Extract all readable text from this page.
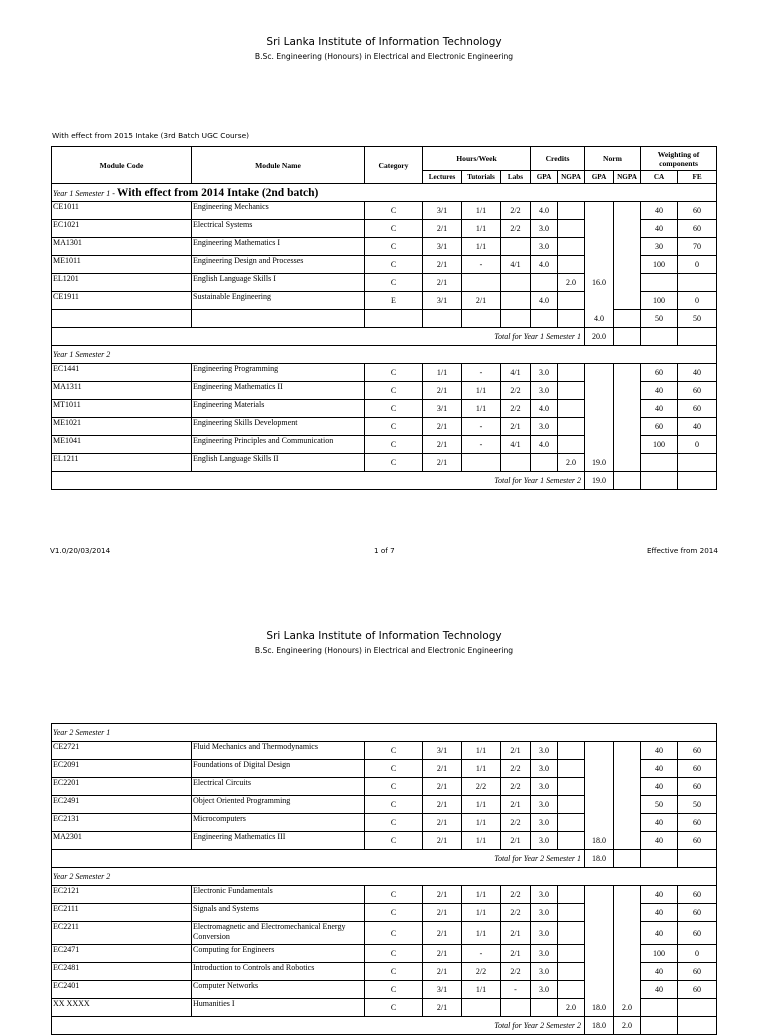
Sri Lanka Institute of Information Technology
B.Sc. Engineering (Honours) in Electrical and Electronic Engineering
With effect from 2015 Intake (3rd Batch UGC Course)
Module Code	Module Name	Category	Hours/Week			Credits		Norm		Weighting of components	
			Lectures	Tutorials	Labs	GPA	NGPA	GPA	NGPA	CA	FE
Year 1 Semester 1 - With effect from 2014 Intake (2nd batch)											
CE1011	Engineering Mechanics	C	3/1	1/1	2/2	4.0				40	60
EC1021	Electrical Systems	C	2/1	1/1	2/2	3.0				40	60
MA1301	Engineering Mathematics I	C	3/1	1/1		3.0				30	70
ME1011	Engineering Design and Processes	C	2/1	-	4/1	4.0				100	0
EL1201	English Language Skills I	C	2/1				2.0	16.0			
CE1911	Sustainable Engineering	E	3/1	2/1		4.0				100	0
								4.0		50	50
Total for Year 1 Semester 1								20.0			
Year 1 Semester 2											
EC1441	Engineering Programming	C	1/1	-	4/1	3.0				60	40
MA1311	Engineering Mathematics II	C	2/1	1/1	2/2	3.0				40	60
MT1011	Engineering Materials	C	3/1	1/1	2/2	4.0				40	60
ME1021	Engineering Skills Development	C	2/1	-	2/1	3.0				60	40
ME1041	Engineering Principles and Communication	C	2/1	-	4/1	4.0				100	0
EL1211	English Language Skills II	C	2/1				2.0	19.0			
Total for Year 1 Semester 2								19.0			
V1.0/20/03/2014	1 of 7	Effective from 2014
Sri Lanka Institute of Information Technology
B.Sc. Engineering (Honours) in Electrical and Electronic Engineering
Year 2 Semester 1											
CE2721	Fluid Mechanics and Thermodynamics	C	3/1	1/1	2/1	3.0				40	60
EC2091	Foundations of Digital Design	C	2/1	1/1	2/2	3.0				40	60
EC2201	Electrical Circuits	C	2/1	2/2	2/2	3.0				40	60
EC2491	Object Oriented Programming	C	2/1	1/1	2/1	3.0				50	50
EC2131	Microcomputers	C	2/1	1/1	2/2	3.0				40	60
MA2301	Engineering Mathematics III	C	2/1	1/1	2/1	3.0		18.0		40	60
Total for Year 2 Semester 1								18.0			
Year 2 Semester 2											
EC2121	Electronic Fundamentals	C	2/1	1/1	2/2	3.0				40	60
EC2111	Signals and Systems	C	2/1	1/1	2/2	3.0				40	60
EC2211	Electromagnetic and Electromechanical Energy Conversion	C	2/1	1/1	2/1	3.0				40	60
EC2471	Computing for Engineers	C	2/1	-	2/1	3.0				100	0
EC2481	Introduction to Controls and Robotics	C	2/1	2/2	2/2	3.0				40	60
EC2401	Computer Networks	C	3/1	1/1	-	3.0				40	60
XX XXXX	Humanities I	C	2/1				2.0	18.0	2.0		
Total for Year 2 Semester 2								18.0	2.0		
